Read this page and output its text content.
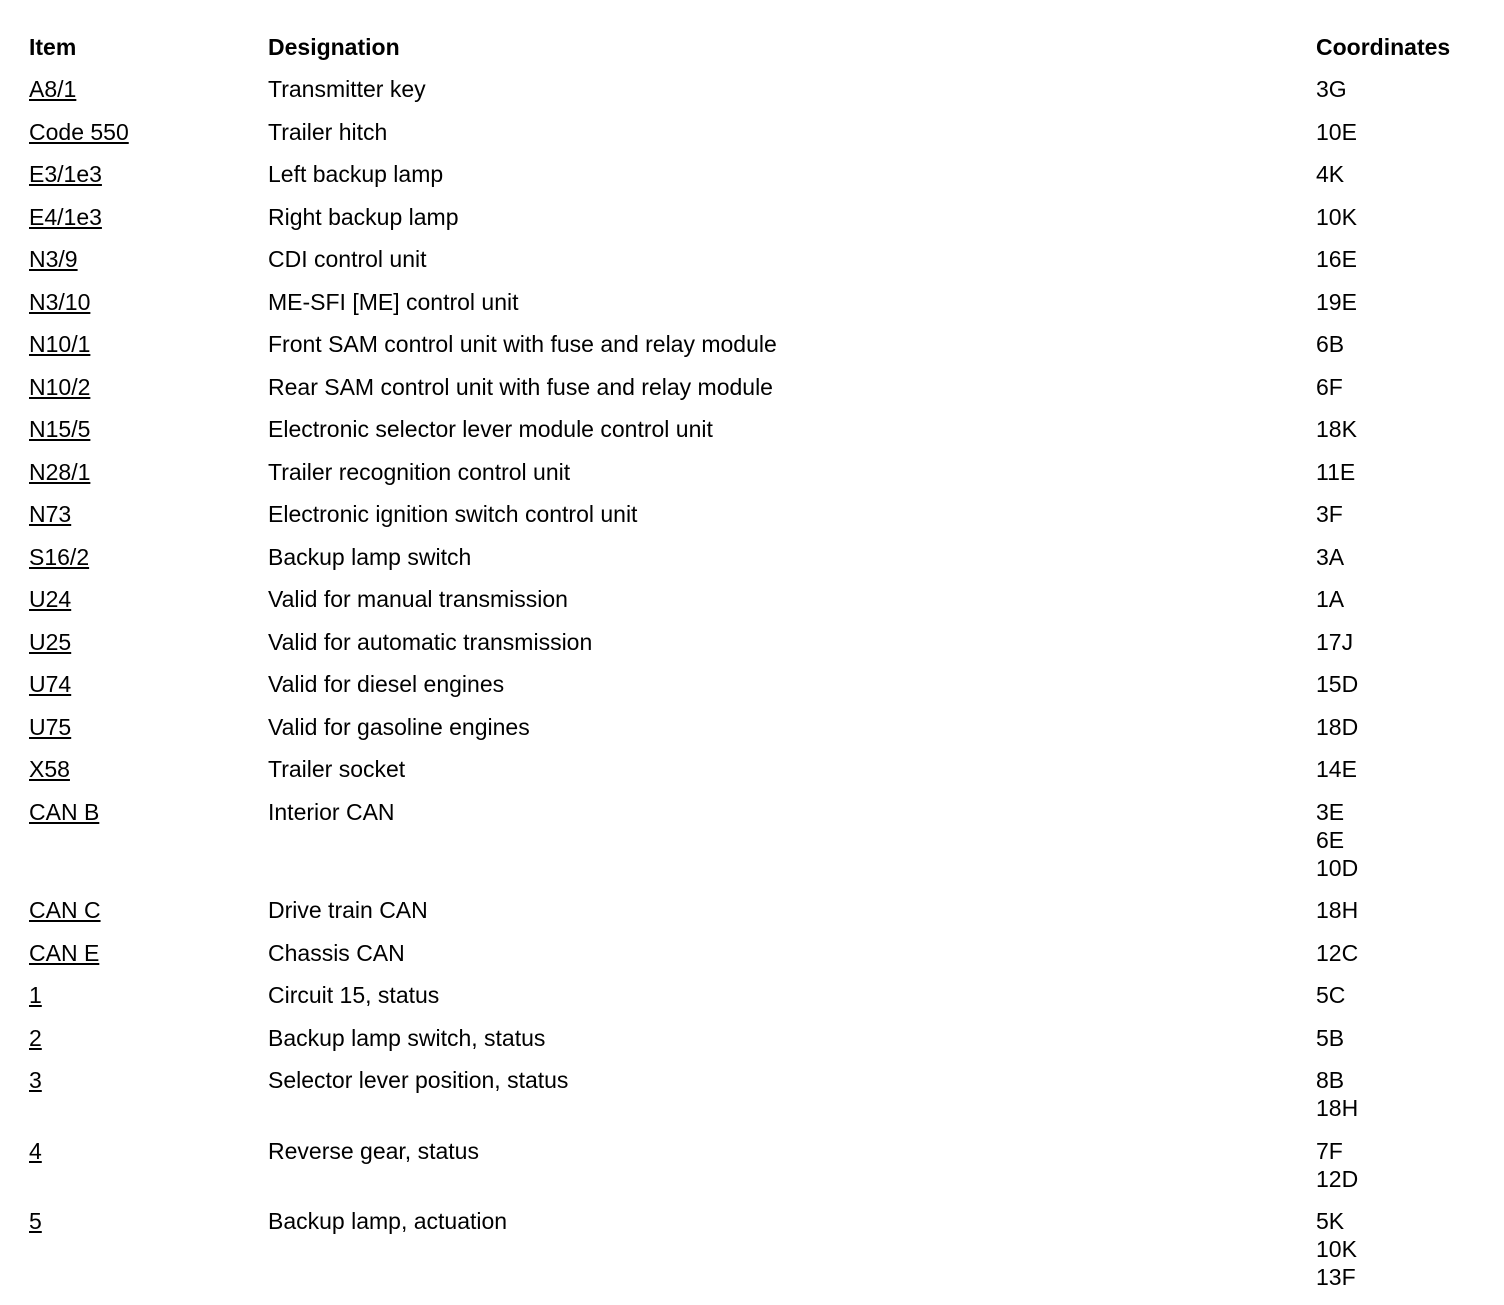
Item	Designation	Coordinates
A8/1	Transmitter key	3G

Code 550	Trailer hitch	10E

E3/1e3	Left backup lamp	4K

E4/1e3	Right backup lamp	10K

N3/9	CDI control unit	16E

N3/10	ME-SFI [ME] control unit	19E

N10/1	Front SAM control unit with fuse and relay module	6B

N10/2	Rear SAM control unit with fuse and relay module	6F

N15/5	Electronic selector lever module control unit	18K

N28/1	Trailer recognition control unit	11E

N73	Electronic ignition switch control unit	3F

S16/2	Backup lamp switch	3A

U24	Valid for manual transmission	1A

U25	Valid for automatic transmission	17J

U74	Valid for diesel engines	15D

U75	Valid for gasoline engines	18D

X58	Trailer socket	14E

CAN B	Interior CAN	3E
6E
10D

CAN C	Drive train CAN	18H

CAN E	Chassis CAN	12C

1	Circuit 15, status	5C

2	Backup lamp switch, status	5B

3	Selector lever position, status	8B
18H

4	Reverse gear, status	7F
12D

5	Backup lamp, actuation	5K
10K
13F
